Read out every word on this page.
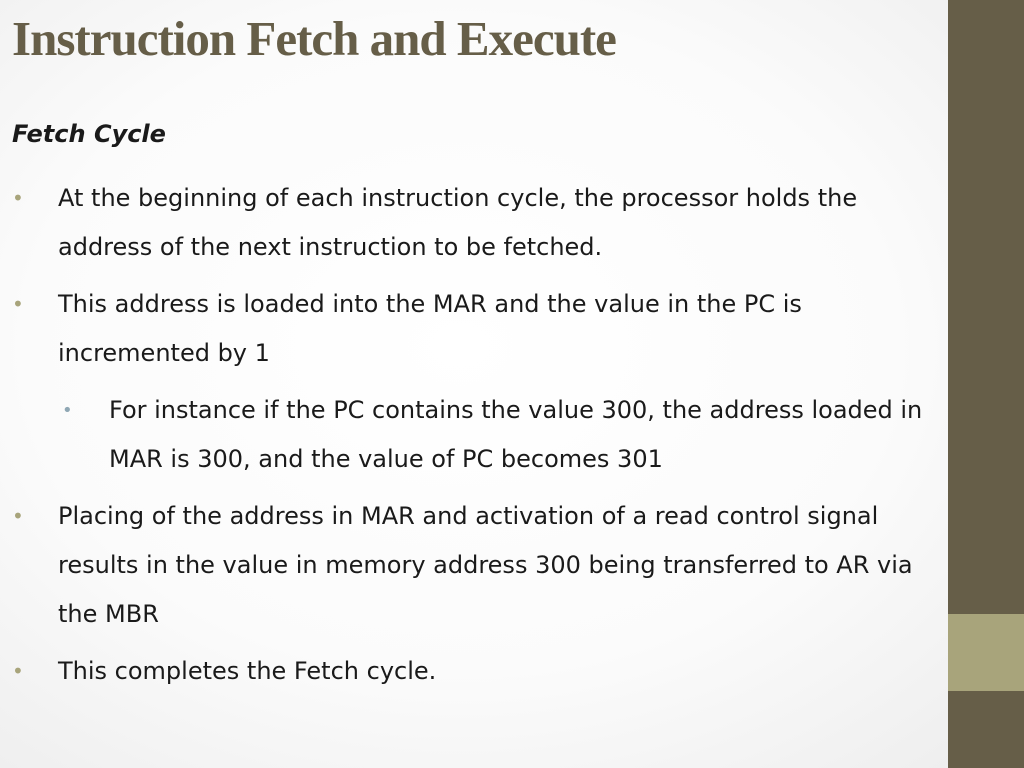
Instruction Fetch and Execute
Fetch Cycle
• At the beginning of each instruction cycle, the processor holds the address of the next instruction to be fetched.
• This address is loaded into the MAR and the value in the PC is incremented by 1
• For instance if the PC contains the value 300, the address loaded in MAR is 300, and the value of PC becomes 301
• Placing of the address in MAR and activation of a read control signal results in the value in memory address 300 being transferred to AR via the MBR
• This completes the Fetch cycle.
